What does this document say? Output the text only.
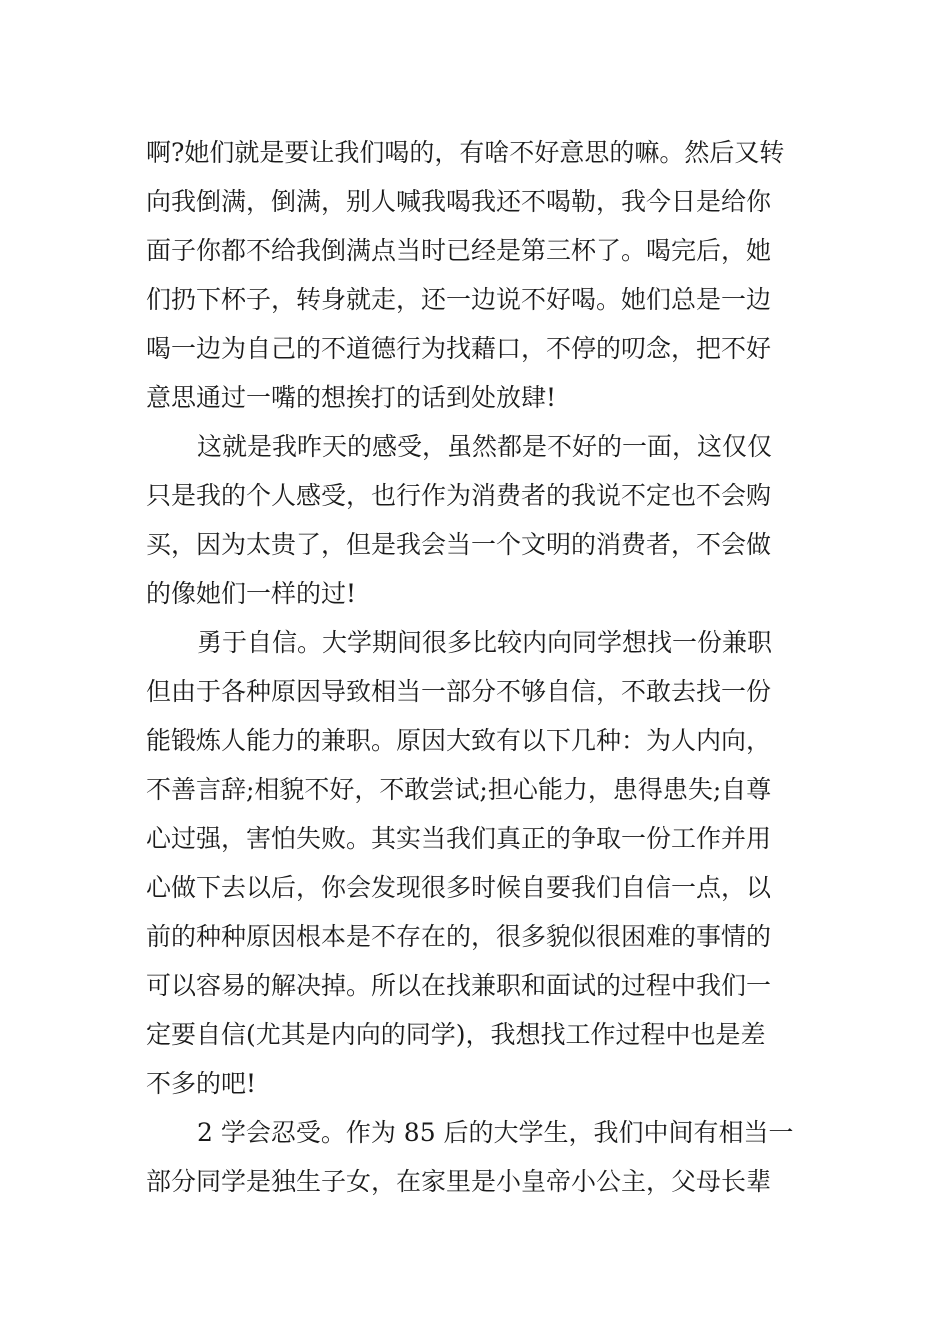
啊?她们就是要让我们喝的，有啥不好意思的嘛。然后又转
向我倒满，倒满，别人喊我喝我还不喝勒，我今日是给你
面子你都不给我倒满点当时已经是第三杯了。喝完后，她
们扔下杯子，转身就走，还一边说不好喝。她们总是一边
喝一边为自己的不道德行为找藉口，不停的叨念，把不好
意思通过一嘴的想挨打的话到处放肆!
这就是我昨天的感受，虽然都是不好的一面，这仅仅
只是我的个人感受，也行作为消费者的我说不定也不会购
买，因为太贵了，但是我会当一个文明的消费者，不会做
的像她们一样的过!
勇于自信。大学期间很多比较内向同学想找一份兼职
但由于各种原因导致相当一部分不够自信，不敢去找一份
能锻炼人能力的兼职。原因大致有以下几种：为人内向，
不善言辞;相貌不好，不敢尝试;担心能力，患得患失;自尊
心过强，害怕失败。其实当我们真正的争取一份工作并用
心做下去以后，你会发现很多时候自要我们自信一点，以
前的种种原因根本是不存在的，很多貌似很困难的事情的
可以容易的解决掉。所以在找兼职和面试的过程中我们一
定要自信(尤其是内向的同学)，我想找工作过程中也是差
不多的吧!
2 学会忍受。作为 85 后的大学生，我们中间有相当一
部分同学是独生子女，在家里是小皇帝小公主，父母长辈
